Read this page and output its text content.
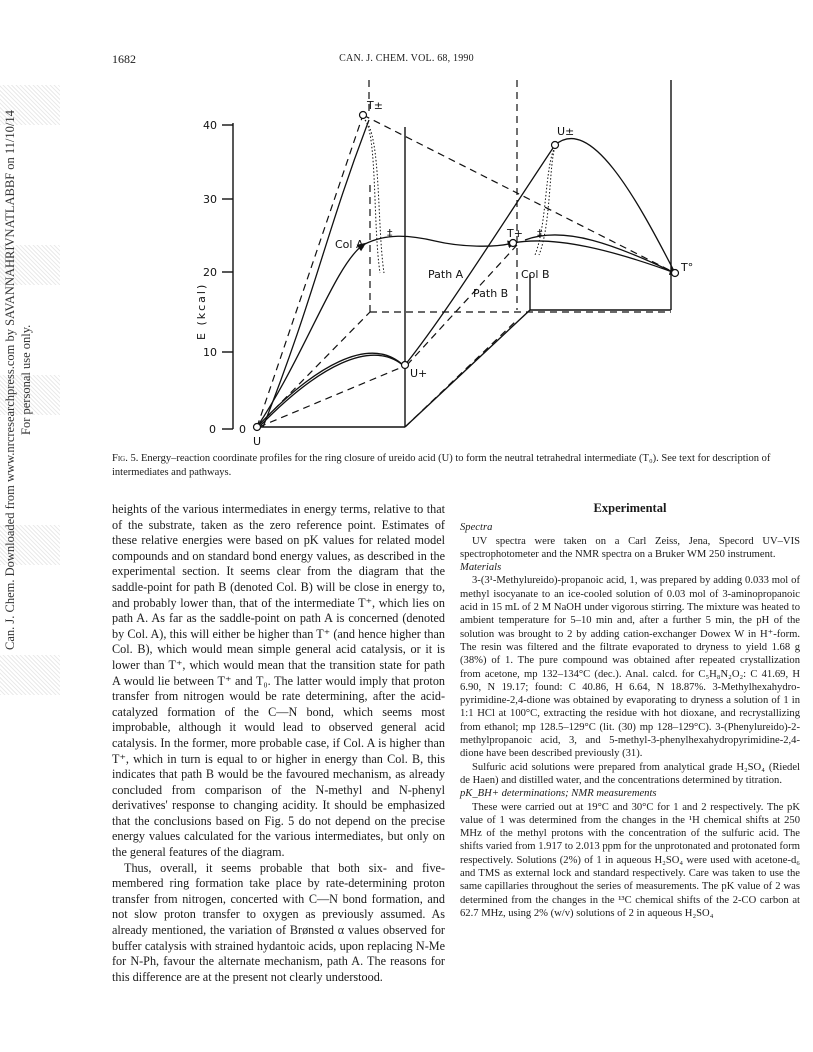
1682	CAN. J. CHEM. VOL. 68, 1990
Can. J. Chem. Downloaded from www.nrcresearchpress.com by SAVANNAHRIVNATLABBF on 11/10/14 For personal use only.	0
10
20
30
40
E (kcal)
T±
U±
Col A
‡
Path A
T+ ‡
Col B
Path B
T°
U+
U
0
Fig. 5. Energy–reaction coordinate profiles for the ring closure of ureido acid (U) to form the neutral tetrahedral intermediate (T₀). See text for description of intermediates and pathways.

heights of the various intermediates in energy terms, relative to that of the substrate, taken as the zero reference point. Estimates of these relative energies were based on pK values for related model compounds and on standard bond energy values, as described in the experimental section. It seems clear from the diagram that the saddle-point for path B (denoted Col. B) will be close in energy to, and probably lower than, that of the intermediate T⁺, which lies on path A. As far as the saddle-point on path A is concerned (denoted by Col. A), this will either be higher than T⁺ (and hence higher than Col. B), which would mean simple general acid catalysis, or it is lower than T⁺, which would mean that the transition state for path A would lie between T⁺ and T₀. The latter would imply that proton transfer from nitrogen would be rate determining, after the acid-catalyzed formation of the C—N bond, which seems most improbable, although it would lead to observed general acid catalysis. In the former, more probable case, if Col. A is higher than T⁺, which in turn is equal to or higher in energy than Col. B, this indicates that path B would be the favoured mechanism, as already concluded from comparison of the N-methyl and N-phenyl derivatives' response to changing acidity. It should be emphasized that the conclusions based on Fig. 5 do not depend on the precise energy values calculated for the various intermediates, but only on the general features of the diagram.

Thus, overall, it seems probable that both six- and five-membered ring formation take place by rate-determining proton transfer from nitrogen, concerted with C—N bond formation, and not slow proton transfer to oxygen as previously assumed. As already mentioned, the variation of Brønsted α values observed for buffer catalysis with strained hydantoic acids, upon replacing N-Me for N-Ph, favour the alternate mechanism, path A. The reasons for this difference are at the present not clearly understood.

Experimental

Spectra

UV spectra were taken on a Carl Zeiss, Jena, Specord UV–VIS spectrophotometer and the NMR spectra on a Bruker WM 250 instrument.

Materials

3-(3¹-Methylureido)-propanoic acid, 1, was prepared by adding 0.033 mol of methyl isocyanate to an ice-cooled solution of 0.03 mol of 3-aminopropanoic acid in 15 mL of 2 M NaOH under vigorous stirring. The mixture was heated to ambient temperature for 5–10 min and, after a further 5 min, the pH of the solution was brought to 2 by adding cation-exchanger Dowex W in H⁺-form. The resin was filtered and the filtrate evaporated to dryness to yield 1.68 g (38%) of 1. The pure compound was obtained after repeated crystallization from acetone, mp 132–134°C (dec.). Anal. calcd. for C₅H₈N₂O₂: C 41.69, H 6.90, N 19.17; found: C 40.86, H 6.64, N 18.87%. 3-Methylhexahydro-pyrimidine-2,4-dione was obtained by evaporating to dryness a solution of 1 in 1:1 HCl at 100°C, extracting the residue with hot dioxane, and recrystallizing from ethanol; mp 128.5–129°C (lit. (30) mp 128–129°C). 3-(Phenylureido)-2-methylpropanoic acid, 3, and 5-methyl-3-phenylhexahydropyrimidine-2,4-dione have been described previously (31).

Sulfuric acid solutions were prepared from analytical grade H₂SO₄ (Riedel de Haen) and distilled water, and the concentrations determined by titration.

pK_BH+ determinations; NMR measurements

These were carried out at 19°C and 30°C for 1 and 2 respectively. The pK value of 1 was determined from the changes in the ¹H chemical shifts at 250 MHz of the methyl protons with the concentration of the sulfuric acid. The shifts varied from 1.917 to 2.013 ppm for the unprotonated and protonated form respectively. Solutions (2%) of 1 in aqueous H₂SO₄ were used with acetone-d₆ and TMS as external lock and standard respectively. Care was taken to use the same capillaries throughout the series of measurements. The pK value of 2 was determined from the changes in the ¹³C chemical shifts of the 2-CO carbon at 62.7 MHz, using 2% (w/v) solutions of 2 in aqueous H₂SO₄
